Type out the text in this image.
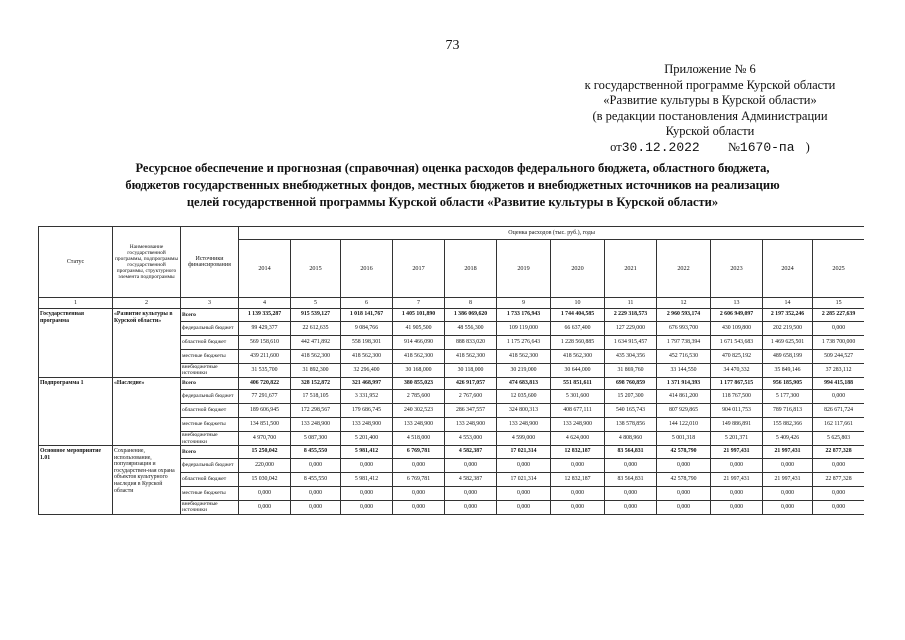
73
Приложение № 6
к государственной программе Курской области
«Развитие культуры в Курской области»
(в редакции постановления Администрации
Курской области
от30.12.2022 №1670-па )
Ресурсное обеспечение и прогнозная (справочная) оценка расходов федерального бюджета, областного бюджета,
бюджетов государственных внебюджетных фондов, местных бюджетов и внебюджетных источников на реализацию
целей государственной программы Курской области «Развитие культуры в Курской области»
Статус	Наименование государственной программы, подпрограммы государственной программы, структурного элемента подпрограммы	Источники финансирования	Оценка расходов (тыс. руб.), годы											
			2014	2015	2016	2017	2018	2019	2020	2021	2022	2023	2024	2025
1	2	3	4	5	6	7	8	9	10	11	12	13	14	15
Государственная программа	«Развитие культуры в Курской области»	Всего	1 139 335,287	915 539,127	1 018 141,767	1 405 101,890	1 386 069,620	1 733 176,943	1 744 404,585	2 229 318,573	2 960 593,174	2 606 949,097	2 197 352,246	2 285 227,639
		федеральный бюджет	99 429,377	22 612,635	9 084,766	41 905,500	48 556,300	109 119,000	66 637,400	127 229,000	676 993,700	430 109,800	202 219,500	0,000
		областной бюджет	569 158,610	442 471,892	558 198,301	914 466,090	888 833,020	1 175 276,643	1 228 560,885	1 634 915,457	1 797 738,394	1 671 543,683	1 469 625,501	1 738 700,000
		местные бюджеты	439 211,600	418 562,300	418 562,300	418 562,300	418 562,300	418 562,300	418 562,300	435 304,356	452 716,530	470 825,192	489 658,199	509 244,527
		внебюджетные источники	31 535,700	31 892,300	32 296,400	30 168,000	30 118,000	30 219,000	30 644,000	31 869,760	33 144,550	34 470,332	35 849,146	37 283,112
Подпрограмма 1	«Наследие»	Всего	406 720,822	328 152,872	321 468,997	380 855,023	426 917,057	474 683,813	551 851,611	698 760,859	1 371 914,393	1 177 867,515	956 185,905	994 415,188
		федеральный бюджет	77 291,677	17 518,105	3 331,952	2 785,600	2 767,600	12 035,600	5 301,600	15 207,300	414 861,200	118 767,500	5 177,300	0,000
		областной бюджет	189 606,945	172 298,567	179 686,745	240 302,523	286 347,557	324 800,313	408 677,111	540 165,743	807 929,865	904 011,753	789 716,813	826 671,724
		местные бюджеты	134 851,500	133 248,900	133 248,900	133 248,900	133 248,900	133 248,900	133 248,900	138 578,856	144 122,010	149 886,891	155 882,366	162 117,661
		внебюджетные источники	4 970,700	5 087,300	5 201,400	4 518,000	4 553,000	4 599,000	4 624,000	4 808,960	5 001,318	5 201,371	5 409,426	5 625,803
Основное мероприятие 1.01	Сохранение, использование, популяризация и государствен-ная охрана объектов культурного наследия в Курской области	Всего	15 250,042	8 455,550	5 981,412	6 769,781	4 582,387	17 021,314	12 832,187	83 564,831	42 578,790	21 997,431	21 997,431	22 877,328
		федеральный бюджет	220,000	0,000	0,000	0,000	0,000	0,000	0,000	0,000	0,000	0,000	0,000	0,000
		областной бюджет	15 030,042	8 455,550	5 981,412	6 769,781	4 582,387	17 021,314	12 832,187	83 564,831	42 578,790	21 997,431	21 997,431	22 877,328
		местные бюджеты	0,000	0,000	0,000	0,000	0,000	0,000	0,000	0,000	0,000	0,000	0,000	0,000
		внебюджетные источники	0,000	0,000	0,000	0,000	0,000	0,000	0,000	0,000	0,000	0,000	0,000	0,000
